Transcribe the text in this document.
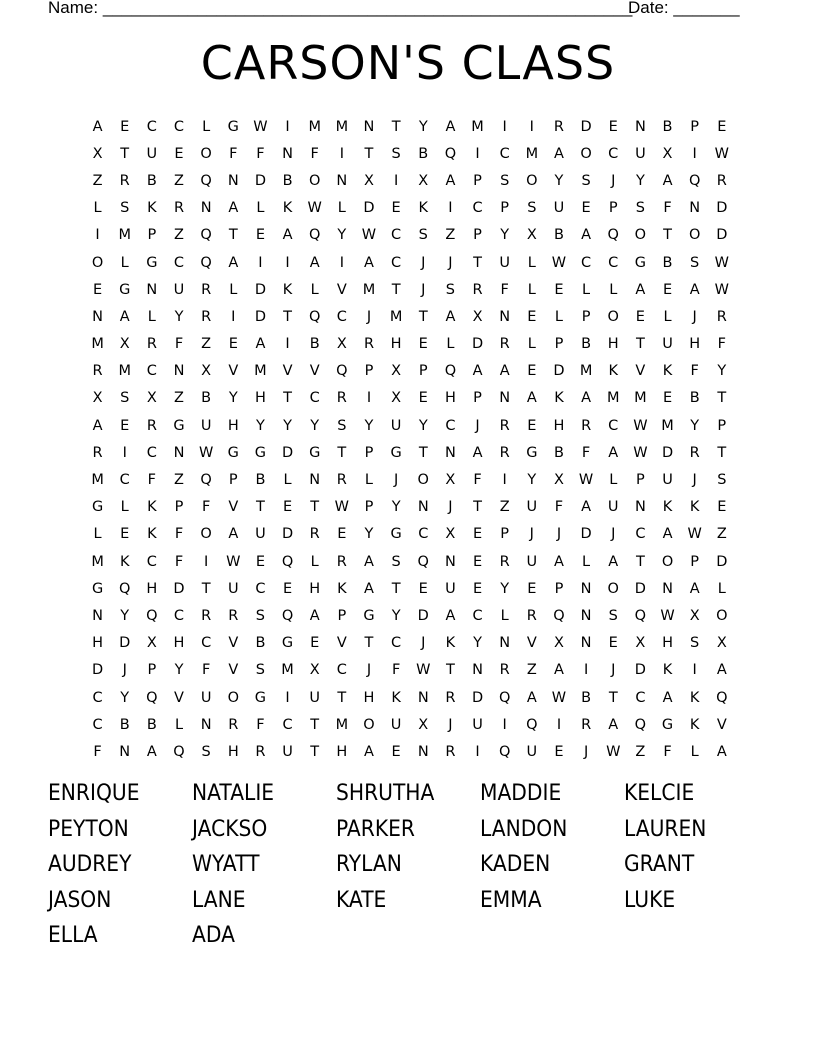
Name: ________________________________________________________
Date: _______
CARSON'S CLASS
A	E	C	C	L	G W	I	M	M	N	T	Y	A	M	I	I	R	D	E	N	B	P	E
X	T	U	E	O	F	F	N	F	I	T	S	B	Q	I	C	M	A	O	C	U	X	I	W
Z	R	B	Z	Q	N	D	B	O	N	X	I	X	A	P	S	O	Y	S	J	Y	A	Q	R
L	S	K	R	N	A	L	K	W	L	D	E	K	I	C	P	S	U	E	P	S	F	N	D
I	M	P	Z	Q	T	E	A	Q	Y	W	C	S	Z	P	Y	X	B	A	Q	O	T	O	D
O	L	G	C	Q	A	I	I	A	I	A	C	J	J	T	U	L	W	C	C	G	B	S	W
E	G	N	U	R	L	D	K	L	V	M	T	J	S	R	F	L	E	L	L	A	E	A	W
N	A	L	Y	R	I	D	T	Q	C	J	M	T	A	X	N	E	L	P	O	E	L	J	R
M	X	R	F	Z	E	A	I	B	X	R	H	E	L	D	R	L	P	B	H	T	U	H	F
R	M	C	N	X	V	M	V	V	Q	P	X	P	Q	A	A	E	D	M	K	V	K	F	Y
X	S	X	Z	B	Y	H	T	C	R	I	X	E	H	P	N	A	K	A	M	M	E	B	T
A	E	R	G	U	H	Y	Y	Y	S	Y	U	Y	C	J	R	E	H	R	C	W M	Y	P
R	I	C	N	W G	G	D	G	T	P	G	T	N	A	R	G	B	F	A	W D	R	T
M	C	F	Z	Q	P	B	L	N	R	L	J	O	X	F	I	Y	X	W	L	P	U	J	S
G	L	K	P	F	V	T	E	T	W	P	Y	N	J	T	Z	U	F	A	U	N	K	K	E
L	E	K	F	O	A	U	D	R	E	Y	G	C	X	E	P	J	J	D	J	C	A	W	Z
M	K	C	F	I	W	E	Q	L	R	A	S	Q	N	E	R	U	A	L	A	T	O	P	D
G	Q	H	D	T	U	C	E	H	K	A	T	E	U	E	Y	E	P	N	O	D	N	A	L
N	Y	Q	C	R	R	S	Q	A	P	G	Y	D	A	C	L	R	Q	N	S	Q W	X	O
H	D	X	H	C	V	B	G	E	V	T	C	J	K	Y	N	V	X	N	E	X	H	S	X
D	J	P	Y	F	V	S	M	X	C	J	F	W	T	N	R	Z	A	I	J	D	K	I	A
C	Y	Q	V	U	O	G	I	U	T	H	K	N	R	D	Q	A	W	B	T	C	A	K	Q
C	B	B	L	N	R	F	C	T	M	O	U	X	J	U	I	Q	I	R	A	Q	G	K	V
F	N	A	Q	S	H	R	U	T	H	A	E	N	R	I	Q	U	E	J	W	Z	F	L	A
ENRIQUE	NATALIE	SHRUTHA	MADDIE	KELCIE
PEYTON	JACKSO	PARKER	LANDON	LAUREN
AUDREY	WYATT	RYLAN	KADEN	GRANT
JASON	LANE	KATE	EMMA	LUKE
ELLA	ADA
